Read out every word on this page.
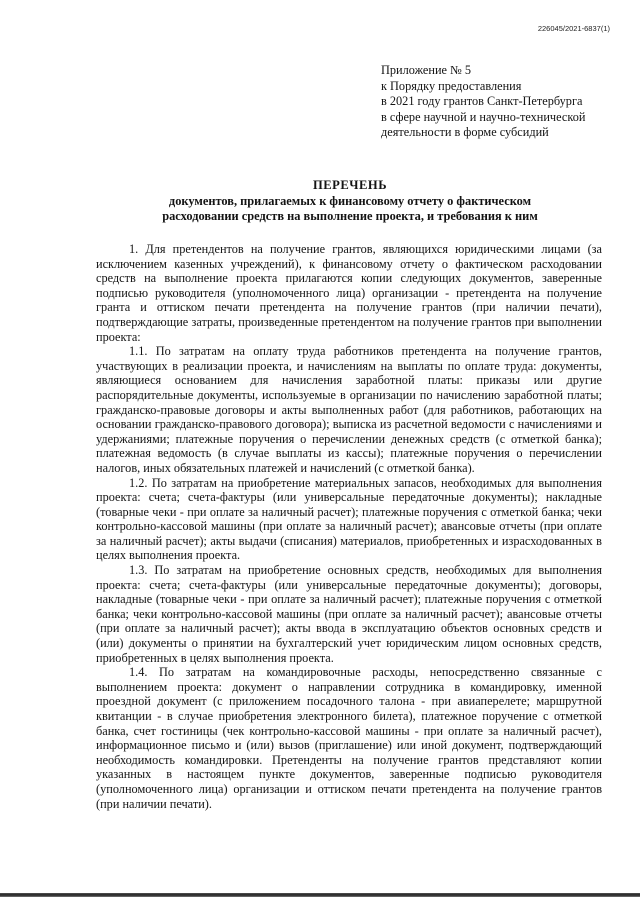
226045/2021-6837(1)
Приложение № 5
к Порядку предоставления
в 2021 году грантов Санкт-Петербурга
в сфере научной и научно-технической
деятельности в форме субсидий
ПЕРЕЧЕНЬ
документов, прилагаемых к финансовому отчету о фактическом
расходовании средств на выполнение проекта, и требования к ним

1. Для претендентов на получение грантов, являющихся юридическими лицами (за исключением казенных учреждений), к финансовому отчету о фактическом расходовании средств на выполнение проекта прилагаются копии следующих документов, заверенные подписью руководителя (уполномоченного лица) организации - претендента на получение гранта и оттиском печати претендента на получение грантов (при наличии печати), подтверждающие затраты, произведенные претендентом на получение грантов при выполнении проекта:

1.1. По затратам на оплату труда работников претендента на получение грантов, участвующих в реализации проекта, и начислениям на выплаты по оплате труда: документы, являющиеся основанием для начисления заработной платы: приказы или другие распорядительные документы, используемые в организации по начислению заработной платы; гражданско-правовые договоры и акты выполненных работ (для работников, работающих на основании гражданско-правового договора); выписка из расчетной ведомости с начислениями и удержаниями; платежные поручения о перечислении денежных средств (с отметкой банка); платежная ведомость (в случае выплаты из кассы); платежные поручения о перечислении налогов, иных обязательных платежей и начислений (с отметкой банка).

1.2. По затратам на приобретение материальных запасов, необходимых для выполнения проекта: счета; счета-фактуры (или универсальные передаточные документы); накладные (товарные чеки - при оплате за наличный расчет); платежные поручения с отметкой банка; чеки контрольно-кассовой машины (при оплате за наличный расчет); авансовые отчеты (при оплате за наличный расчет); акты выдачи (списания) материалов, приобретенных и израсходованных в целях выполнения проекта.

1.3. По затратам на приобретение основных средств, необходимых для выполнения проекта: счета; счета-фактуры (или универсальные передаточные документы); договоры, накладные (товарные чеки - при оплате за наличный расчет); платежные поручения с отметкой банка; чеки контрольно-кассовой машины (при оплате за наличный расчет); авансовые отчеты (при оплате за наличный расчет); акты ввода в эксплуатацию объектов основных средств и (или) документы о принятии на бухгалтерский учет юридическим лицом основных средств, приобретенных в целях выполнения проекта.

1.4. По затратам на командировочные расходы, непосредственно связанные с выполнением проекта: документ о направлении сотрудника в командировку, именной проездной документ (с приложением посадочного талона - при авиаперелете; маршрутной квитанции - в случае приобретения электронного билета), платежное поручение с отметкой банка, счет гостиницы (чек контрольно-кассовой машины - при оплате за наличный расчет), информационное письмо и (или) вызов (приглашение) или иной документ, подтверждающий необходимость командировки. Претенденты на получение грантов представляют копии указанных в настоящем пункте документов, заверенные подписью руководителя (уполномоченного лица) организации и оттиском печати претендента на получение грантов (при наличии печати).
